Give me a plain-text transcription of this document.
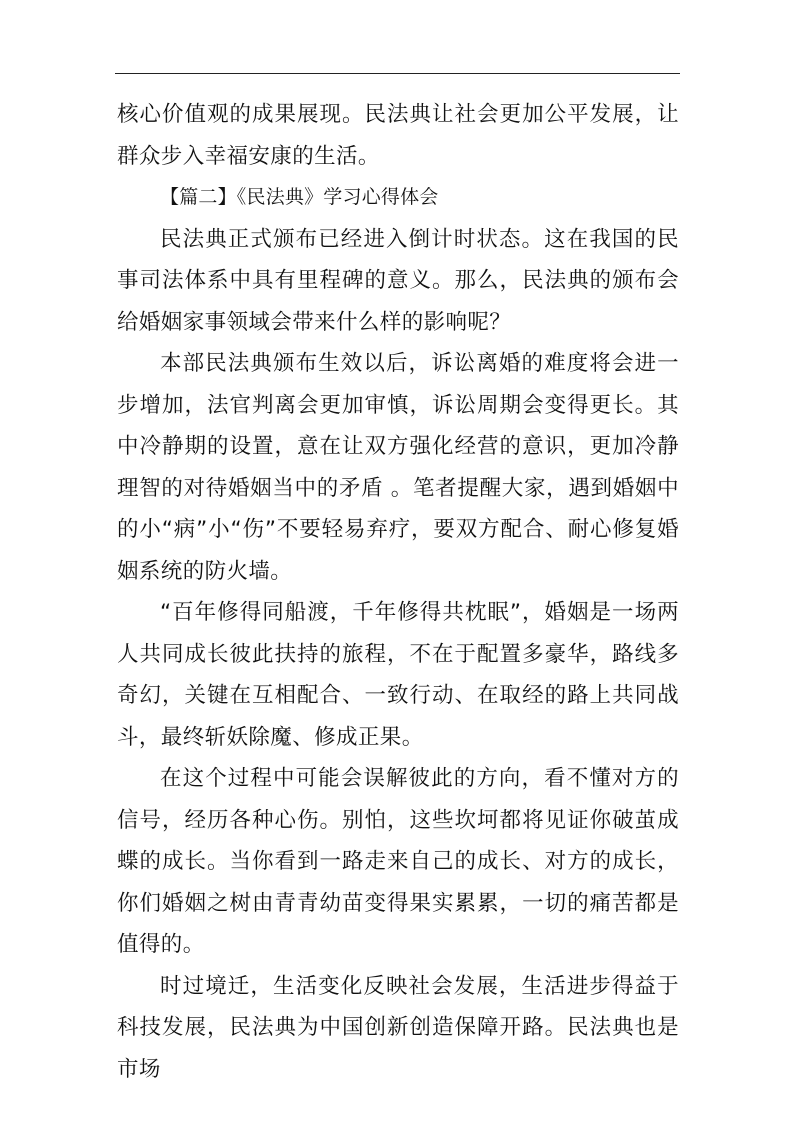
核心价值观的成果展现。民法典让社会更加公平发展，让群众步入幸福安康的生活。

【篇二】《民法典》学习心得体会

民法典正式颁布已经进入倒计时状态。这在我国的民事司法体系中具有里程碑的意义。那么，民法典的颁布会给婚姻家事领域会带来什么样的影响呢？

本部民法典颁布生效以后，诉讼离婚的难度将会进一步增加，法官判离会更加审慎，诉讼周期会变得更长。其中冷静期的设置，意在让双方强化经营的意识，更加冷静理智的对待婚姻当中的矛盾 。笔者提醒大家，遇到婚姻中的小“病”小“伤”不要轻易弃疗，要双方配合、耐心修复婚姻系统的防火墙。

“百年修得同船渡，千年修得共枕眠”，婚姻是一场两人共同成长彼此扶持的旅程，不在于配置多豪华，路线多奇幻，关键在互相配合、一致行动、在取经的路上共同战斗，最终斩妖除魔、修成正果。

在这个过程中可能会误解彼此的方向，看不懂对方的信号，经历各种心伤。别怕，这些坎坷都将见证你破茧成蝶的成长。当你看到一路走来自己的成长、对方的成长，你们婚姻之树由青青幼苗变得果实累累，一切的痛苦都是值得的。

时过境迁，生活变化反映社会发展，生活进步得益于科技发展，民法典为中国创新创造保障开路。民法典也是市场
